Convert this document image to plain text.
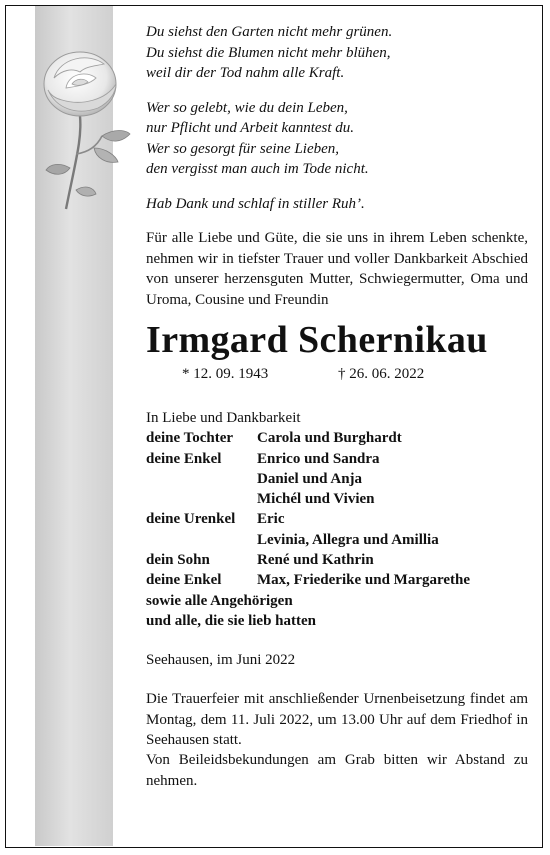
Du siehst den Garten nicht mehr grünen.
Du siehst die Blumen nicht mehr blühen,
weil dir der Tod nahm alle Kraft.
Wer so gelebt, wie du dein Leben,
nur Pflicht und Arbeit kanntest du.
Wer so gesorgt für seine Lieben,
den vergisst man auch im Tode nicht.
Hab Dank und schlaf in stiller Ruh’.

Für alle Liebe und Güte, die sie uns in ihrem Leben schenkte, nehmen wir in tiefster Trauer und voller Dankbarkeit Abschied von unserer herzensguten Mutter, Schwiegermutter, Oma und Uroma, Cousine und Freundin

Irmgard Schernikau
* 12. 09. 1943	† 26. 06. 2022
In Liebe und Dankbarkeit
deine Tochter	Carola und Burghardt
deine Enkel	Enrico und Sandra
Daniel und Anja
Michél und Vivien
deine Urenkel	Eric
Levinia, Allegra und Amillia
dein Sohn	René und Kathrin
deine Enkel	Max, Friederike und Margarethe
sowie alle Angehörigen
und alle, die sie lieb hatten
Seehausen, im Juni 2022
Die Trauerfeier mit anschließender Urnenbeisetzung findet am Montag, dem 11. Juli 2022, um 13.00 Uhr auf dem Friedhof in Seehausen statt.
Von Beileidsbekundungen am Grab bitten wir Abstand zu nehmen.
